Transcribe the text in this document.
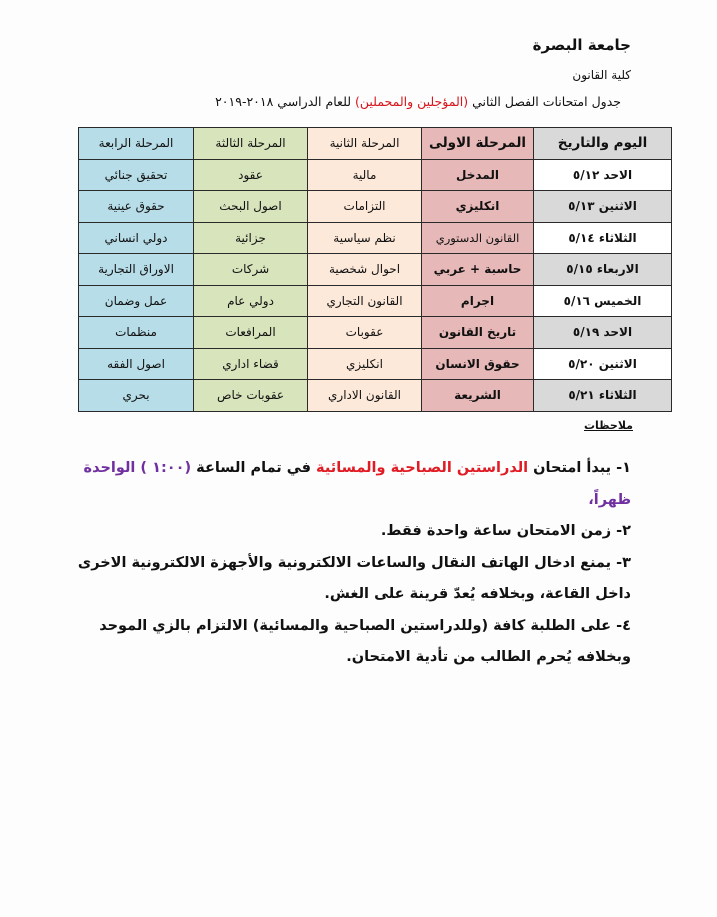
جامعة البصرة
كلية القانون
جدول امتحانات الفصل الثاني (المؤجلين والمحملين) للعام الدراسي ٢٠١٨-٢٠١٩
اليوم والتاريخ	المرحلة الاولى	المرحلة الثانية	المرحلة الثالثة	المرحلة الرابعة
الاحد ٥/١٢	المدخل	مالية	عقود	تحقيق جنائي
الاثنين ٥/١٣	انكليزي	التزامات	اصول البحث	حقوق عينية
الثلاثاء ٥/١٤	القانون الدستوري	نظم سياسية	جزائية	دولي انساني
الاربعاء ٥/١٥	حاسبة + عربي	احوال شخصية	شركات	الاوراق التجارية
الخميس ٥/١٦	اجرام	القانون التجاري	دولي عام	عمل وضمان
الاحد ٥/١٩	تاريخ القانون	عقوبات	المرافعات	منظمات
الاثنين ٥/٢٠	حقوق الانسان	انكليزي	قضاء اداري	اصول الفقه
الثلاثاء ٥/٢١	الشريعة	القانون الاداري	عقوبات خاص	بحري
ملاحظات

١- يبدأ امتحان الدراستين الصباحية والمسائية في تمام الساعة (١:٠٠ ) الواحدة ظهراً،

٢- زمن الامتحان ساعة واحدة فقط.

٣- يمنع ادخال الهاتف النقال والساعات الالكترونية والأجهزة الالكترونية الاخرى داخل القاعة، وبخلافه يُعدّ قرينة على الغش.

٤- على الطلبة كافة (وللدراستين الصباحية والمسائية) الالتزام بالزي الموحد وبخلافه يُحرم الطالب من تأدية الامتحان.
